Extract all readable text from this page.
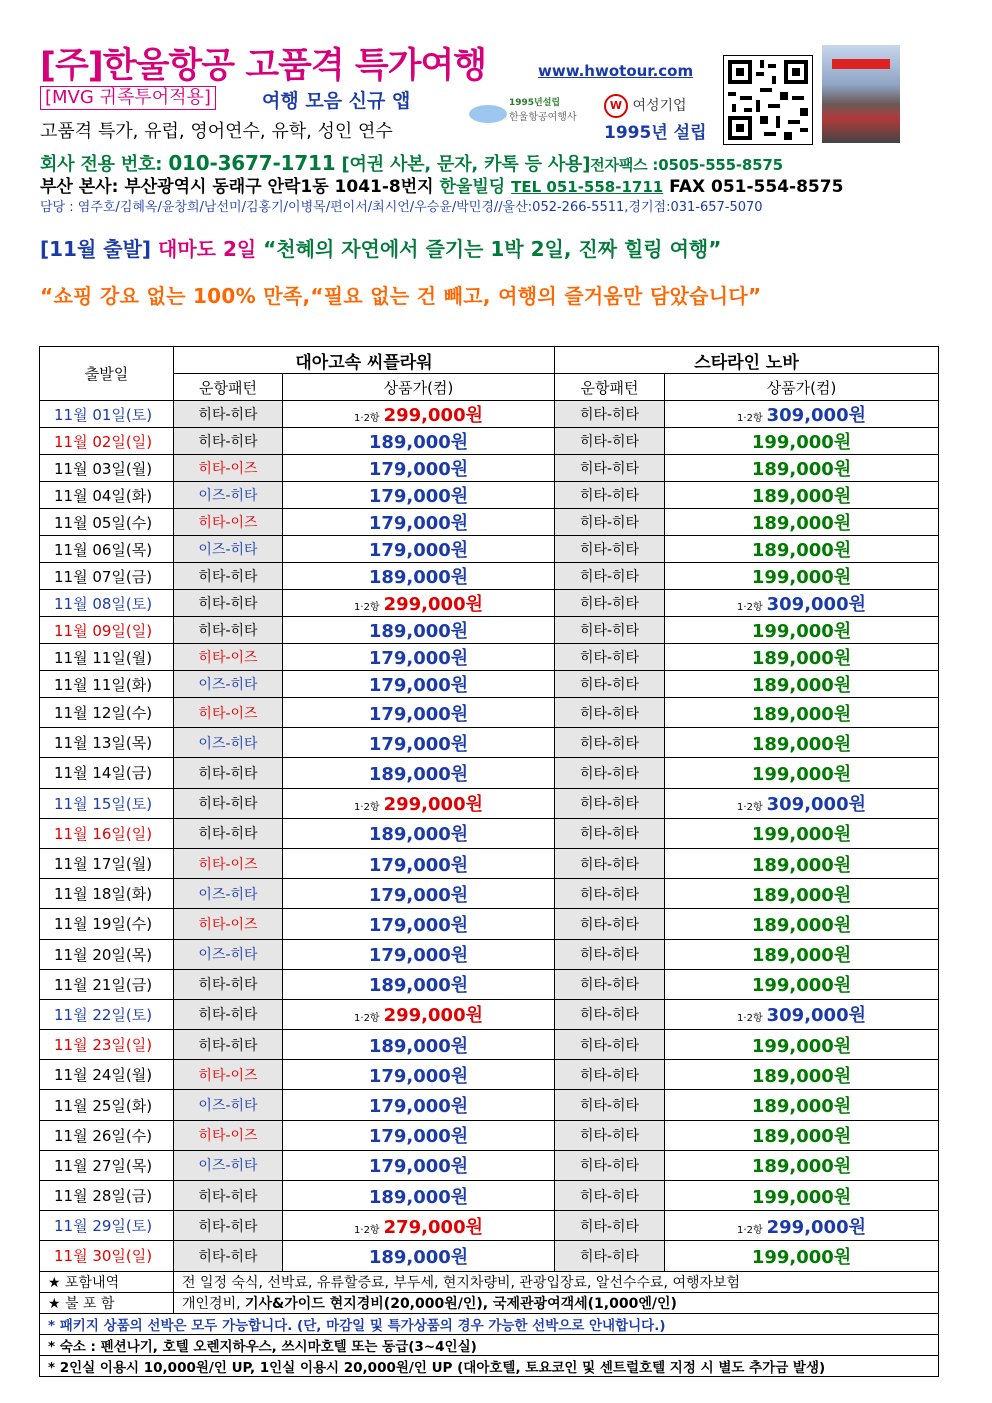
[주]한울항공 고품격 특가여행	www.hwotour.com
[MVG 귀족투어적용]	여행 모음 신규 앱
고품격 특가, 유럽, 영어연수, 유학, 성인 연수
1995년설립
한울항공여행사
W 여성기업
1995년 설립
회사 전용 번호: 010-3677-1711 [여권 사본, 문자, 카톡 등 사용]전자팩스 :0505-555-8575
부산 본사: 부산광역시 동래구 안락1동 1041-8번지 한울빌딩 TEL 051-558-1711 FAX 051-554-8575
담당 : 염주호/김혜옥/윤창희/남선미/김홍기/이병목/편이서/최시언/우승윤/박민경//울산:052-266-5511,경기점:031-657-5070
[11월 출발] 대마도 2일 “천혜의 자연에서 즐기는 1박 2일, 진짜 힐링 여행”
“쇼핑 강요 없는 100% 만족,“필요 없는 건 빼고, 여행의 즐거움만 담았습니다”
출발일	대아고속 씨플라워		스타라인 노바	
	운항패턴	상품가(컴)	운항패턴	상품가(컴)
11월 01일(토)	히타-히타	1·2항 299,000원	히타-히타	1·2항 309,000원
11월 02일(일)	히타-히타	189,000원	히타-히타	199,000원
11월 03일(월)	히타-이즈	179,000원	히타-히타	189,000원
11월 04일(화)	이즈-히타	179,000원	히타-히타	189,000원
11월 05일(수)	히타-이즈	179,000원	히타-히타	189,000원
11월 06일(목)	이즈-히타	179,000원	히타-히타	189,000원
11월 07일(금)	히타-히타	189,000원	히타-히타	199,000원
11월 08일(토)	히타-히타	1·2항 299,000원	히타-히타	1·2항 309,000원
11월 09일(일)	히타-히타	189,000원	히타-히타	199,000원
11월 11일(월)	히타-이즈	179,000원	히타-히타	189,000원
11월 11일(화)	이즈-히타	179,000원	히타-히타	189,000원
11월 12일(수)	히타-이즈	179,000원	히타-히타	189,000원
11월 13일(목)	이즈-히타	179,000원	히타-히타	189,000원
11월 14일(금)	히타-히타	189,000원	히타-히타	199,000원
11월 15일(토)	히타-히타	1·2항 299,000원	히타-히타	1·2항 309,000원
11월 16일(일)	히타-히타	189,000원	히타-히타	199,000원
11월 17일(월)	히타-이즈	179,000원	히타-히타	189,000원
11월 18일(화)	이즈-히타	179,000원	히타-히타	189,000원
11월 19일(수)	히타-이즈	179,000원	히타-히타	189,000원
11월 20일(목)	이즈-히타	179,000원	히타-히타	189,000원
11월 21일(금)	히타-히타	189,000원	히타-히타	199,000원
11월 22일(토)	히타-히타	1·2항 299,000원	히타-히타	1·2항 309,000원
11월 23일(일)	히타-히타	189,000원	히타-히타	199,000원
11월 24일(월)	히타-이즈	179,000원	히타-히타	189,000원
11월 25일(화)	이즈-히타	179,000원	히타-히타	189,000원
11월 26일(수)	히타-이즈	179,000원	히타-히타	189,000원
11월 27일(목)	이즈-히타	179,000원	히타-히타	189,000원
11월 28일(금)	히타-히타	189,000원	히타-히타	199,000원
11월 29일(토)	히타-히타	1·2항 279,000원	히타-히타	1·2항 299,000원
11월 30일(일)	히타-히타	189,000원	히타-히타	199,000원
★ 포함내역	전 일정 숙식, 선박료, 유류할증료, 부두세, 현지차량비, 관광입장료, 알선수수료, 여행자보험			
★ 불 포 함	개인경비, 기사&가이드 현지경비(20,000원/인), 국제관광여객세(1,000엔/인)			
* 패키지 상품의 선박은 모두 가능합니다. (단, 마감일 및 특가상품의 경우 가능한 선박으로 안내합니다.)				
* 숙소 : 펜션나기, 호텔 오렌지하우스, 쓰시마호텔 또는 동급(3~4인실)				
* 2인실 이용시 10,000원/인 UP, 1인실 이용시 20,000원/인 UP (대아호텔, 토요코인 및 센트럴호텔 지정 시 별도 추가금 발생)				
